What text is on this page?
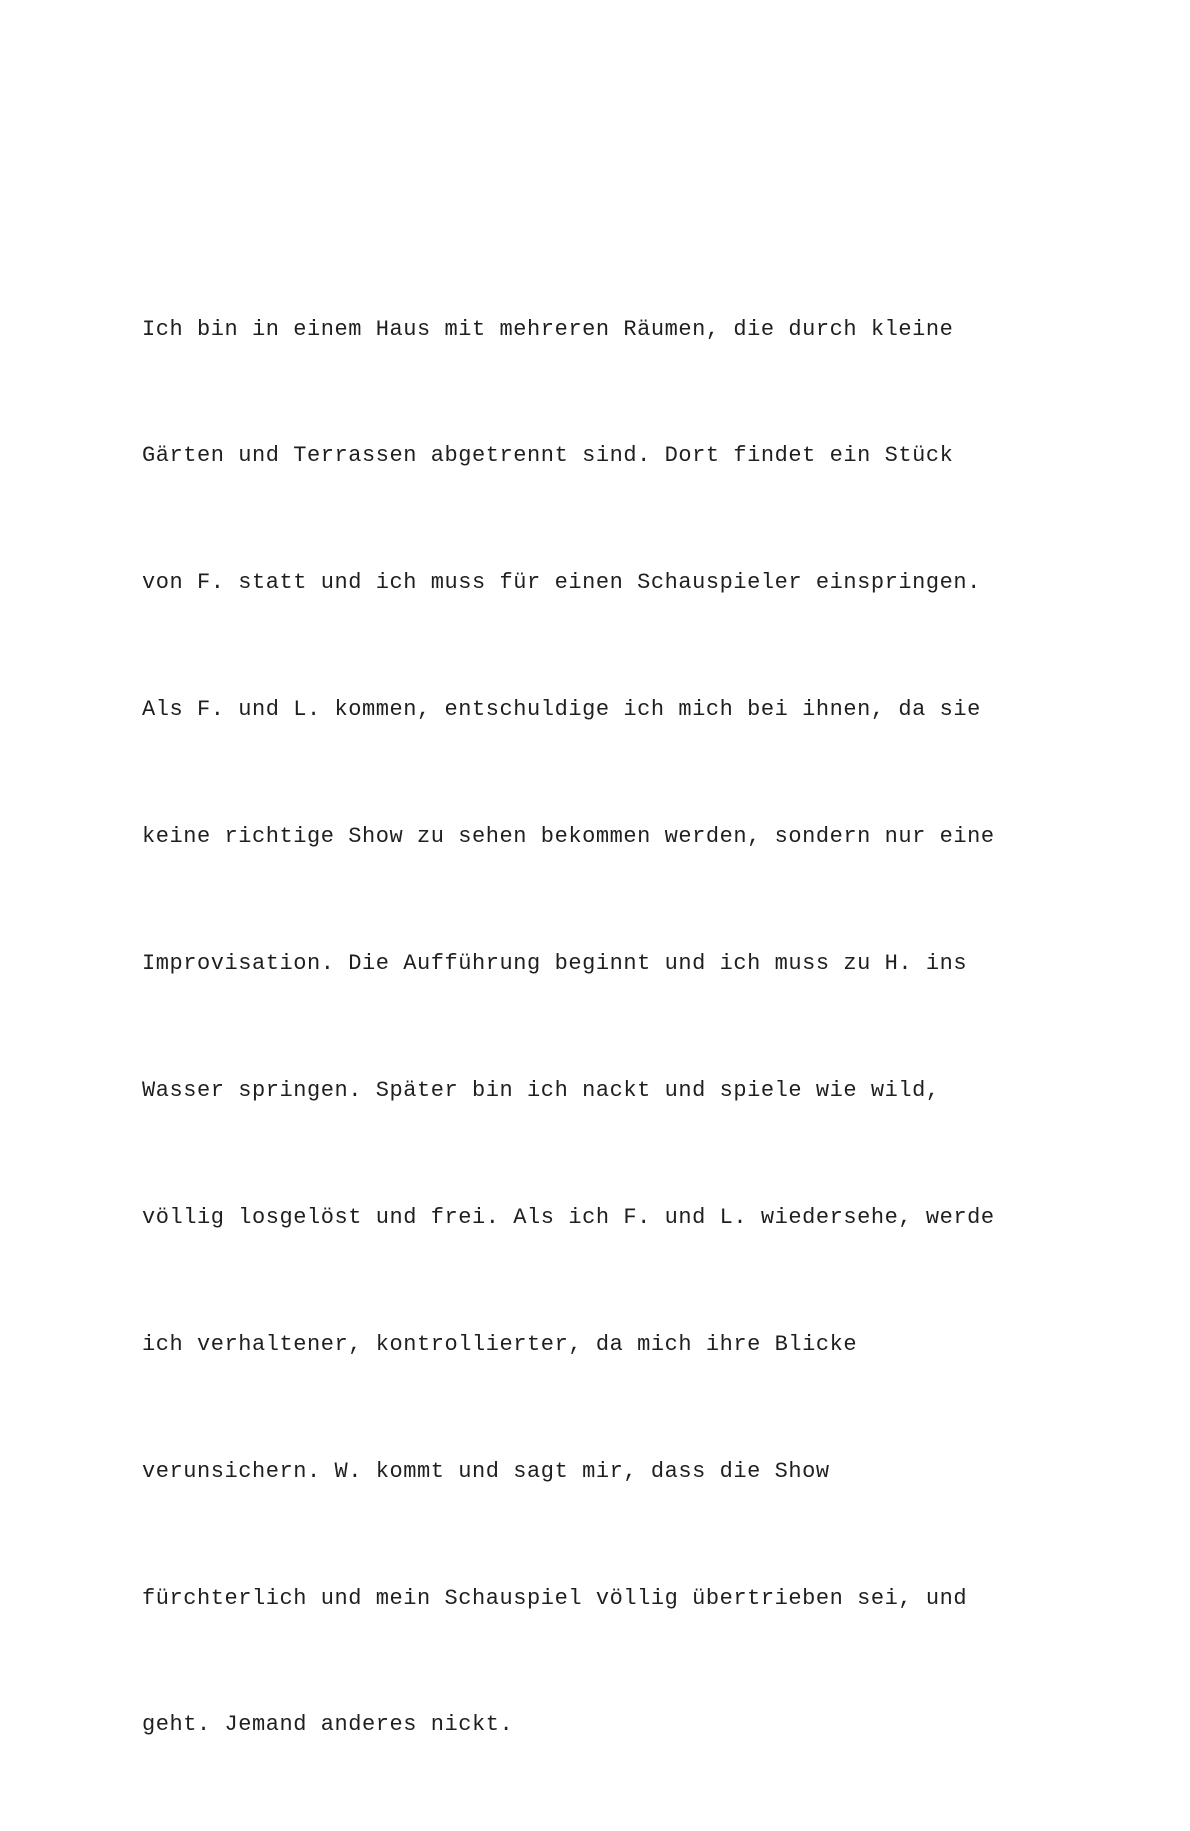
Ich bin in einem Haus mit mehreren Räumen, die durch kleine

Gärten und Terrassen abgetrennt sind. Dort findet ein Stück

von F. statt und ich muss für einen Schauspieler einspringen.

Als F. und L. kommen, entschuldige ich mich bei ihnen, da sie

keine richtige Show zu sehen bekommen werden, sondern nur eine

Improvisation. Die Aufführung beginnt und ich muss zu H. ins

Wasser springen. Später bin ich nackt und spiele wie wild,

völlig losgelöst und frei. Als ich F. und L. wiedersehe, werde

ich verhaltener, kontrollierter, da mich ihre Blicke

verunsichern. W. kommt und sagt mir, dass die Show

fürchterlich und mein Schauspiel völlig übertrieben sei, und

geht. Jemand anderes nickt.
